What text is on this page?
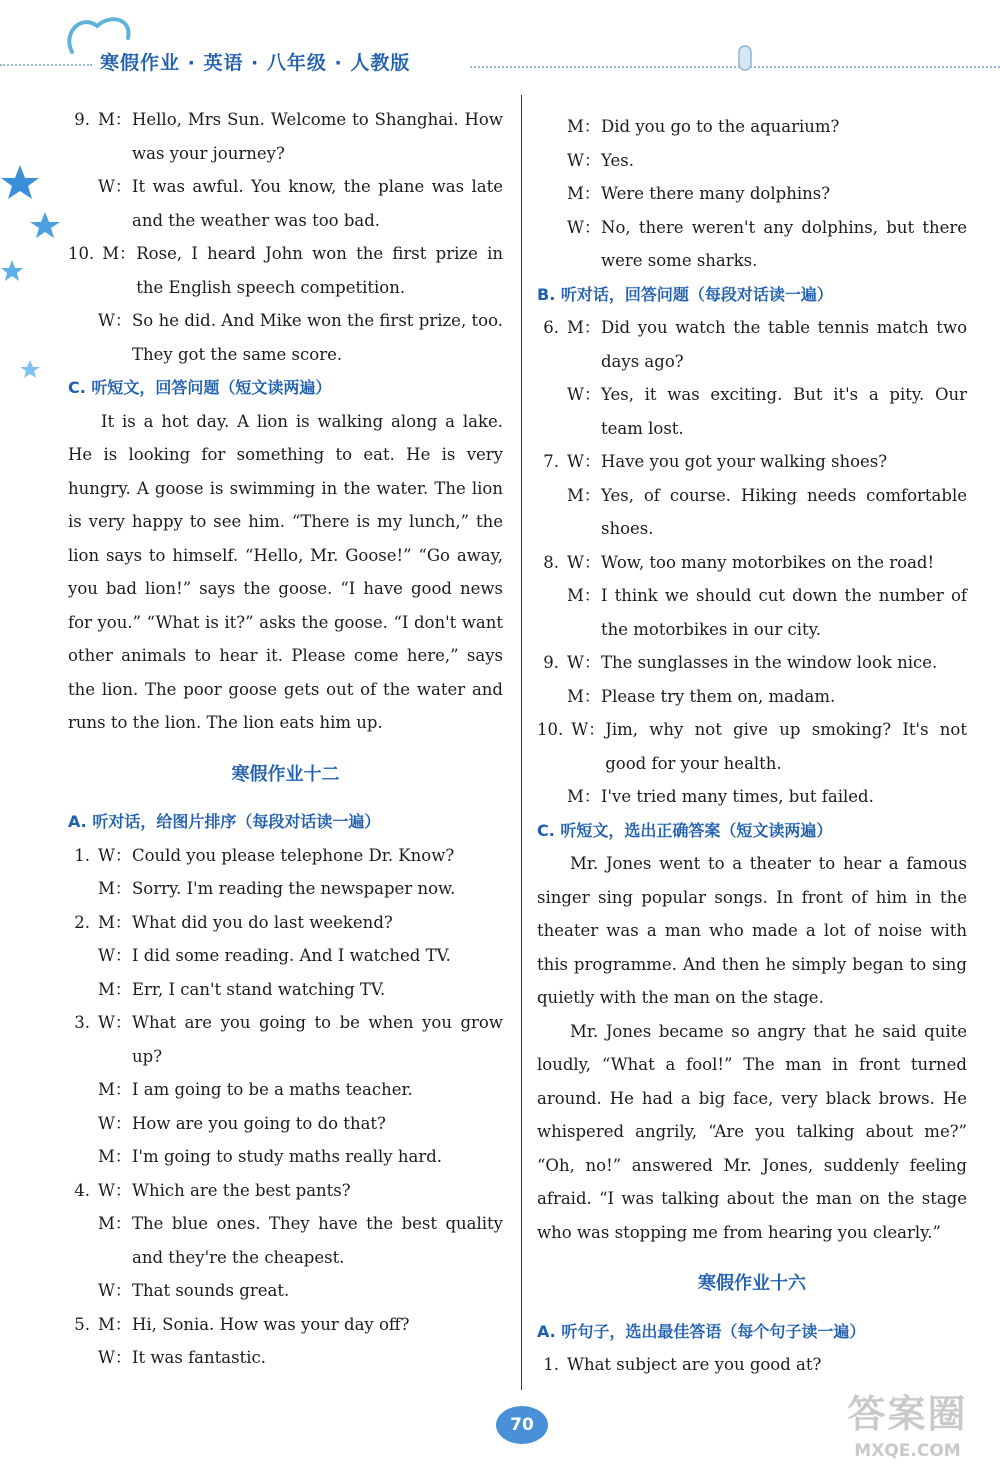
寒假作业 · 英语 · 八年级 · 人教版
9. M： Hello, Mrs Sun. Welcome to Shanghai. How was your journey?
W： It was awful. You know, the plane was late and the weather was too bad.
10. M： Rose, I heard John won the first prize in the English speech competition.
W： So he did. And Mike won the first prize, too. They got the same score.
C. 听短文，回答问题（短文读两遍）

It is a hot day. A lion is walking along a lake. He is looking for something to eat. He is very hungry. A goose is swimming in the water. The lion is very happy to see him. “There is my lunch,” the lion says to himself. “Hello, Mr. Goose!” “Go away, you bad lion!” says the goose. “I have good news for you.” “What is it?” asks the goose. “I don't want other animals to hear it. Please come here,” says the lion. The poor goose gets out of the water and runs to the lion. The lion eats him up.

寒假作业十二
A. 听对话，给图片排序（每段对话读一遍）
1. W： Could you please telephone Dr. Know?
M： Sorry. I'm reading the newspaper now.
2. M： What did you do last weekend?
W： I did some reading. And I watched TV.
M： Err, I can't stand watching TV.
3. W： What are you going to be when you grow up?
M： I am going to be a maths teacher.
W： How are you going to do that?
M： I'm going to study maths really hard.
4. W： Which are the best pants?
M： The blue ones. They have the best quality and they're the cheapest.
W： That sounds great.
5. M： Hi, Sonia. How was your day off?
W： It was fantastic.
M： Did you go to the aquarium?
W： Yes.
M： Were there many dolphins?
W： No, there weren't any dolphins, but there were some sharks.
B. 听对话，回答问题（每段对话读一遍）
6. M： Did you watch the table tennis match two days ago?
W： Yes, it was exciting. But it's a pity. Our team lost.
7. W： Have you got your walking shoes?
M： Yes, of course. Hiking needs comfortable shoes.
8. W： Wow, too many motorbikes on the road!
M： I think we should cut down the number of the motorbikes in our city.
9. W： The sunglasses in the window look nice.
M： Please try them on, madam.
10. W： Jim, why not give up smoking? It's not good for your health.
M： I've tried many times, but failed.
C. 听短文，选出正确答案（短文读两遍）

Mr. Jones went to a theater to hear a famous singer sing popular songs. In front of him in the theater was a man who made a lot of noise with this programme. And then he simply began to sing quietly with the man on the stage.

Mr. Jones became so angry that he said quite loudly, “What a fool!” The man in front turned around. He had a big face, very black brows. He whispered angrily, “Are you talking about me?” “Oh, no!” answered Mr. Jones, suddenly feeling afraid. “I was talking about the man on the stage who was stopping me from hearing you clearly.”

寒假作业十六
A. 听句子，选出最佳答语（每个句子读一遍）
1. What subject are you good at?
70	答案圈
MXQE.COM
